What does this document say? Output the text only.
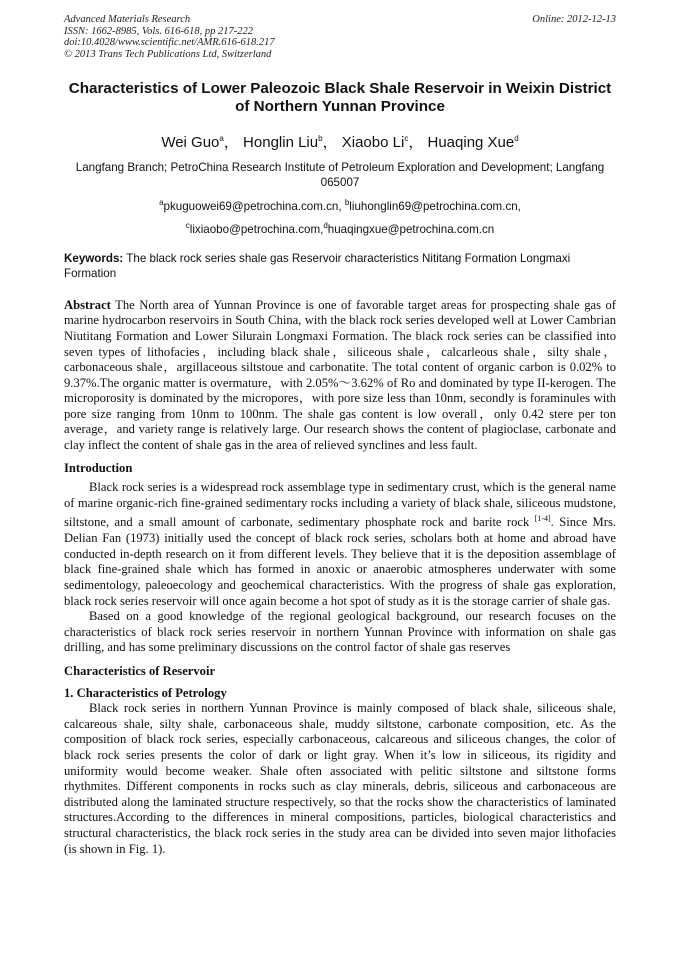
Advanced Materials Research
ISSN: 1662-8985, Vols. 616-618, pp 217-222
doi:10.4028/www.scientific.net/AMR.616-618.217
© 2013 Trans Tech Publications Ltd, Switzerland
Online: 2012-12-13
Characteristics of Lower Paleozoic Black Shale Reservoir in Weixin District of Northern Yunnan Province
Wei Guo$^a$， Honglin Liu$^b$， Xiaobo Li$^c$， Huaqing Xue$^d$
Langfang Branch; PetroChina Research Institute of Petroleum Exploration and Development; Langfang 065007
$^a$pkuguowei69@petrochina.com.cn, $^b$liuhonglin69@petrochina.com.cn,
$^c$lixiaobo@petrochina.com,$^d$huaqingxue@petrochina.com.cn
Keywords: The black rock series shale gas Reservoir characteristics Nititang Formation Longmaxi Formation

Abstract The North area of Yunnan Province is one of favorable target areas for prospecting shale gas of marine hydrocarbon reservoirs in South China, with the black rock series developed well at Lower Cambrian Niutitang Formation and Lower Silurain Longmaxi Formation. The black rock series can be classified into seven types of lithofacies，including black shale，siliceous shale，calcarleous shale，silty shale，carbonaceous shale，argillaceous siltstoue and carbonatite. The total content of organic carbon is 0.02% to 9.37%.The organic matter is overmature，with 2.05%～3.62% of Ro and dominated by type II-kerogen. The microporosity is dominated by the micropores，with pore size less than 10nm, secondly is foraminules with pore size ranging from 10nm to 100nm. The shale gas content is low overall，only 0.42 stere per ton average，and variety range is relatively large. Our research shows the content of plagioclase, carbonate and clay inflect the content of shale gas in the area of relieved synclines and less fault.

Introduction

Black rock series is a widespread rock assemblage type in sedimentary crust, which is the general name of marine organic-rich fine-grained sedimentary rocks including a variety of black shale, siliceous mudstone, siltstone, and a small amount of carbonate, sedimentary phosphate rock and barite rock [1-4]. Since Mrs. Delian Fan (1973) initially used the concept of black rock series, scholars both at home and abroad have conducted in-depth research on it from different levels. They believe that it is the deposition assemblage of black fine-grained shale which has formed in anoxic or anaerobic atmospheres underwater with some sedimentology, paleoecology and geochemical characteristics. With the progress of shale gas exploration, black rock series reservoir will once again become a hot spot of study as it is the storage carrier of shale gas.

Based on a good knowledge of the regional geological background, our research focuses on the characteristics of black rock series reservoir in northern Yunnan Province with information on shale gas drilling, and has some preliminary discussions on the control factor of shale gas reserves

Characteristics of Reservoir
1. Characteristics of Petrology

Black rock series in northern Yunnan Province is mainly composed of black shale, siliceous shale, calcareous shale, silty shale, carbonaceous shale, muddy siltstone, carbonate composition, etc. As the composition of black rock series, especially carbonaceous, calcareous and siliceous changes, the color of black rock series presents the color of dark or light gray. When it’s low in siliceous, its rigidity and uniformity would become weaker. Shale often associated with pelitic siltstone and siltstone forms rhythmites. Different components in rocks such as clay minerals, debris, siliceous and carbonaceous are distributed along the laminated structure respectively, so that the rocks show the characteristics of laminated structures.According to the differences in mineral compositions, particles, biological characteristics and structural characteristics, the black rock series in the study area can be divided into seven major lithofacies (is shown in Fig. 1).
